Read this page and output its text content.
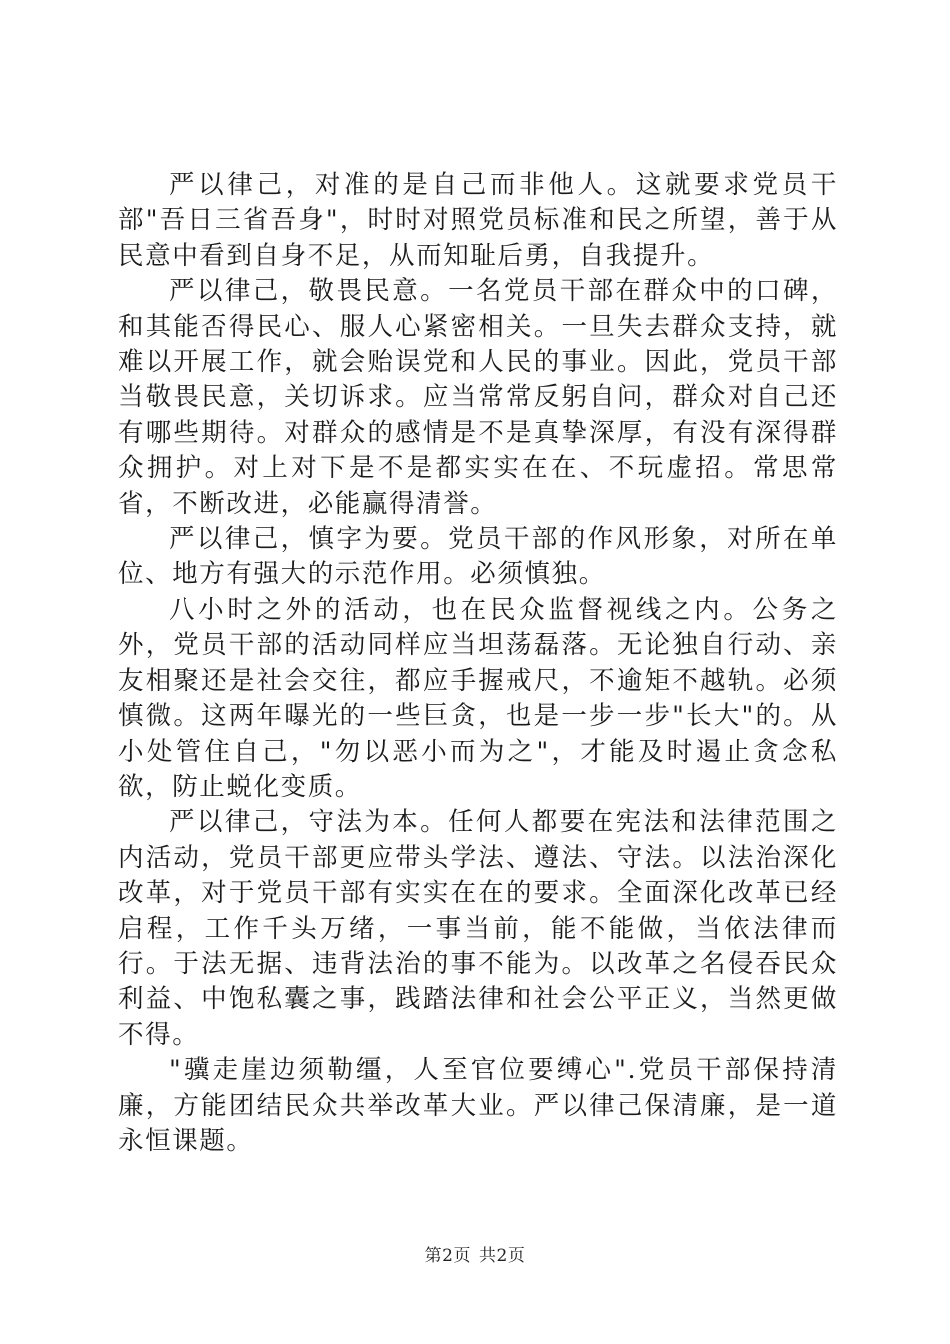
严以律己，对准的是自己而非他人。这就要求党员干部"吾日三省吾身"，时时对照党员标准和民之所望，善于从民意中看到自身不足，从而知耻后勇，自我提升。

严以律己，敬畏民意。一名党员干部在群众中的口碑，和其能否得民心、服人心紧密相关。一旦失去群众支持，就难以开展工作，就会贻误党和人民的事业。因此，党员干部当敬畏民意，关切诉求。应当常常反躬自问，群众对自己还有哪些期待。对群众的感情是不是真挚深厚，有没有深得群众拥护。对上对下是不是都实实在在、不玩虚招。常思常省，不断改进，必能赢得清誉。

严以律己，慎字为要。党员干部的作风形象，对所在单位、地方有强大的示范作用。必须慎独。

八小时之外的活动，也在民众监督视线之内。公务之外，党员干部的活动同样应当坦荡磊落。无论独自行动、亲友相聚还是社会交往，都应手握戒尺，不逾矩不越轨。必须慎微。这两年曝光的一些巨贪，也是一步一步"长大"的。从小处管住自己，"勿以恶小而为之"，才能及时遏止贪念私欲，防止蜕化变质。

严以律己，守法为本。任何人都要在宪法和法律范围之内活动，党员干部更应带头学法、遵法、守法。以法治深化改革，对于党员干部有实实在在的要求。全面深化改革已经启程，工作千头万绪，一事当前，能不能做，当依法律而行。于法无据、违背法治的事不能为。以改革之名侵吞民众利益、中饱私囊之事，践踏法律和社会公平正义，当然更做不得。

"骥走崖边须勒缰，人至官位要缚心".党员干部保持清廉，方能团结民众共举改革大业。严以律己保清廉，是一道永恒课题。

第2页 共2页
